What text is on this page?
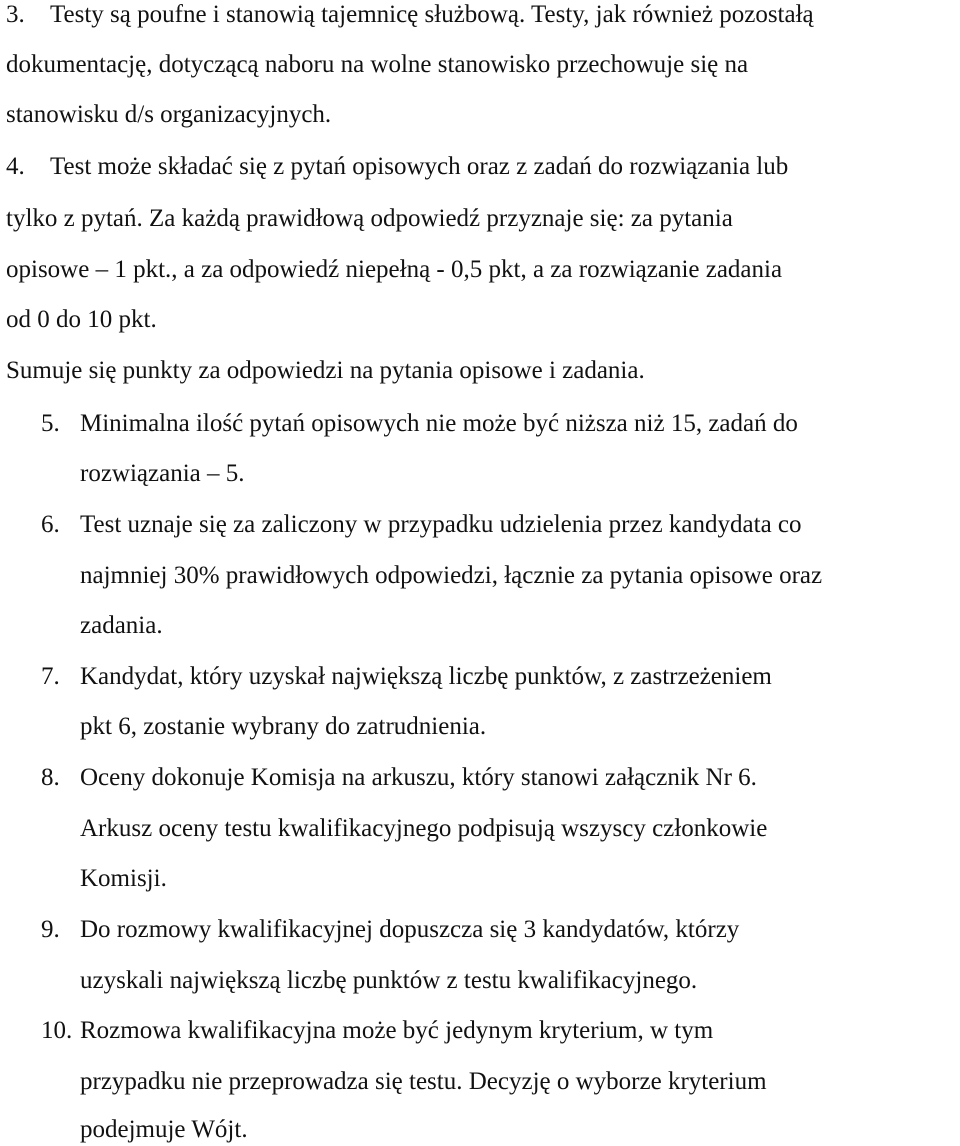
3. Testy są poufne i stanowią tajemnicę służbową. Testy, jak również pozostałą
dokumentację, dotyczącą naboru na wolne stanowisko przechowuje się na
stanowisku d/s organizacyjnych.
4. Test może składać się z pytań opisowych oraz z zadań do rozwiązania lub
tylko z pytań. Za każdą prawidłową odpowiedź przyznaje się: za pytania
opisowe – 1 pkt., a za odpowiedź niepełną - 0,5 pkt, a za rozwiązanie zadania
od 0 do 10 pkt.
Sumuje się punkty za odpowiedzi na pytania opisowe i zadania.
5. Minimalna ilość pytań opisowych nie może być niższa niż 15, zadań do
rozwiązania – 5.
6. Test uznaje się za zaliczony w przypadku udzielenia przez kandydata co
najmniej 30% prawidłowych odpowiedzi, łącznie za pytania opisowe oraz
zadania.
7. Kandydat, który uzyskał największą liczbę punktów, z zastrzeżeniem
pkt 6, zostanie wybrany do zatrudnienia.
8. Oceny dokonuje Komisja na arkuszu, który stanowi załącznik Nr 6.
Arkusz oceny testu kwalifikacyjnego podpisują wszyscy członkowie
Komisji.
9. Do rozmowy kwalifikacyjnej dopuszcza się 3 kandydatów, którzy
uzyskali największą liczbę punktów z testu kwalifikacyjnego.
10. Rozmowa kwalifikacyjna może być jedynym kryterium, w tym
przypadku nie przeprowadza się testu. Decyzję o wyborze kryterium
podejmuje Wójt.
